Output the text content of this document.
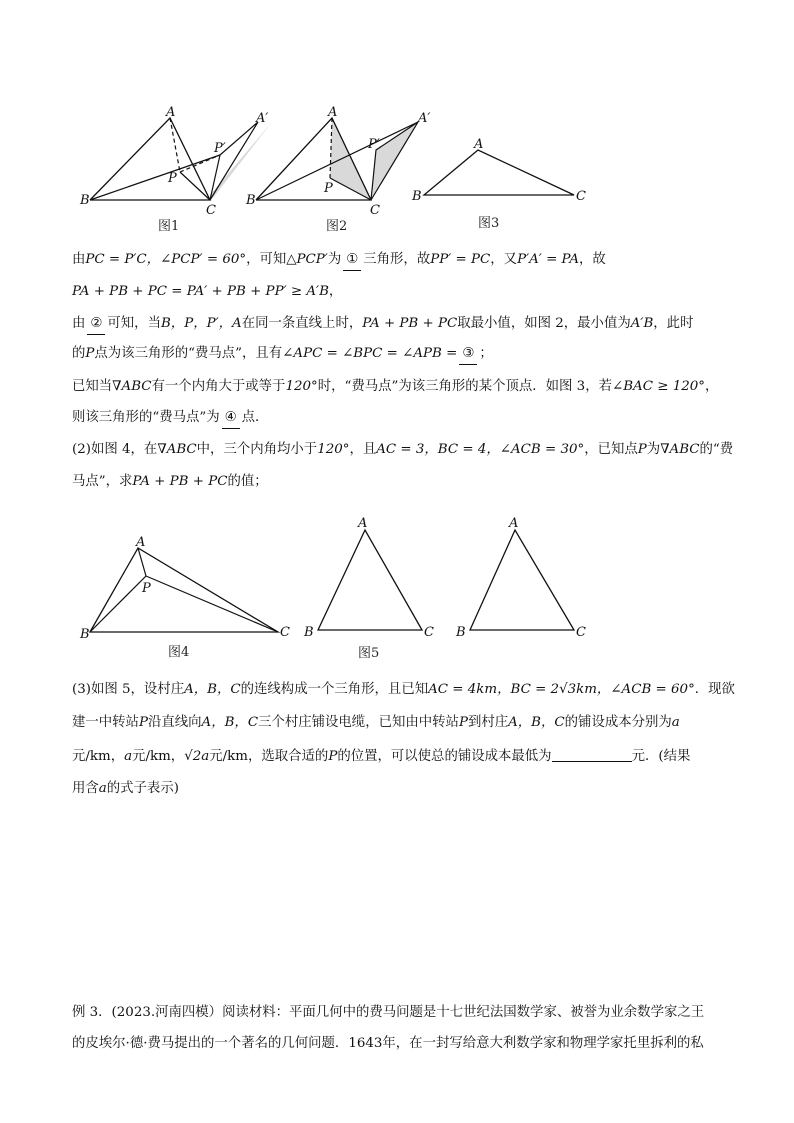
A	A′
P′
P
B
C
图1
A	A′
P′
P
B
C
图2
A
B	C
图3
由PC = P′C，∠PCP′ = 60°，可知△PCP′为 ① 三角形，故PP′ = PC，又P′A′ = PA，故
PA + PB + PC = PA′ + PB + PP′ ≥ A′B，
由 ② 可知，当B，P，P′，A在同一条直线上时，PA + PB + PC取最小值，如图 2，最小值为A′B，此时
的P点为该三角形的“费马点”，且有∠APC = ∠BPC = ∠APB = ③ ；
已知当∇ABC有一个内角大于或等于120°时，“费马点”为该三角形的某个顶点．如图 3，若∠BAC ≥ 120°，
则该三角形的“费马点”为 ④ 点．
(2)如图 4，在∇ABC中，三个内角均小于120°，且AC = 3，BC = 4，∠ACB = 30°，已知点P为∇ABC的“费
马点”，求PA + PB + PC的值；
A
P
B	C
图4
A
B	C
图5
A
B	C
(3)如图 5，设村庄A，B，C的连线构成一个三角形，且已知AC = 4km，BC = 2√3km，∠ACB = 60°．现欲
建一中转站P沿直线向A，B，C三个村庄铺设电缆，已知由中转站P到村庄A，B，C的铺设成本分别为a
元/km，a元/km，√2a元/km，选取合适的P的位置，可以使总的铺设成本最低为	元．(结果
用含a的式子表示)
例 3．(2023.河南四模）阅读材料：平面几何中的费马问题是十七世纪法国数学家、被誉为业余数学家之王
的皮埃尔·德·费马提出的一个著名的几何问题．1643年，在一封写给意大利数学家和物理学家托里拆利的私
